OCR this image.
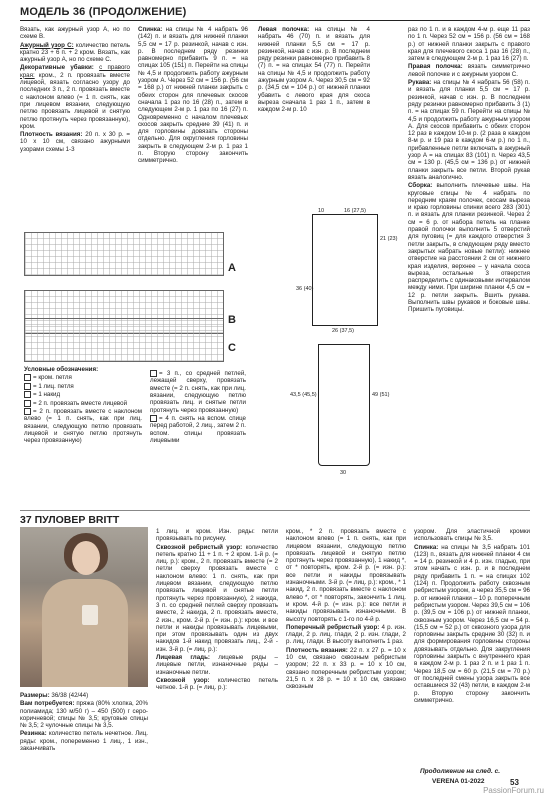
МОДЕЛЬ 36 (ПРОДОЛЖЕНИЕ)

Вязать, как ажурный узор А, но по схеме В.

Ажурный узор С: количество петель кратно 23 + 6 п. + 2 кром. Вязать, как ажурный узор А, но по схеме С.

Декоративные убавки: с правого края: кром., 2 п. провязать вместе лицевой, вязать согласно узору до последних 3 п., 2 п. провязать вместе с наклоном влево (= 1 п. снять, как при лицевом вязании, следующую петлю провязать лицевой и снятую петлю протянуть через провязанную), кром.

Плотность вязания: 20 п. х 30 р. = 10 х 10 см, связано ажурными узорами схемы 1-3

Спинка: на спицы № 4 набрать 96 (142) п. и вязать для нижней планки 5,5 см = 17 р. резинкой, начав с изн. р. В последнем ряду резинки равномерно прибавить 9 п. = на спицах 105 (151) п. Перейти на спицы № 4,5 и продолжить работу ажурным узором А. Через 52 см = 156 р. (56 см = 168 р.) от нижней планки закрыть с обеих сторон для плечевых скосов сначала 1 раз по 16 (28) п., затем в следующем 2-м р. 1 раз по 16 (27) п. Одновременно с началом плечевых скосов закрыть средние 39 (41) п. и для горловины довязать стороны отдельно. Для округления горловины закрыть в следующем 2-м р. 1 раз 1 п. Вторую сторону закончить симметрично.

Левая полочка: на спицы № 4 набрать 46 (70) п. и вязать для нижней планки 5,5 см = 17 р. резинкой, начав с изн. р. В последнем ряду резинки равномерно прибавить 8 (7) п. = на спицах 54 (77) п. Перейти на спицы № 4,5 и продолжить работу ажурным узором А. Через 30,5 см = 92 р. (34,5 см = 104 р.) от нижней планки убавить с левого края для скоса выреза сначала 1 раз 1 п., затем в каждом 2-м р. 10

раз по 1 п. и в каждом 4-м р. еще 11 раз по 1 п. Через 52 см = 156 р. (56 см = 168 р.) от нижней планки закрыть с правого края для плечевого скоса 1 раз 16 (28) п., затем в следующем 2-м р. 1 раз 16 (27) п.

Правая полочка: вязать симметрично левой полочке и с ажурным узором С.

Рукава: на спицы № 4 набрать 56 (58) п. и вязать для планки 5,5 см = 17 р. резинкой, начав с изн. р. В последнем ряду резинки равномерно прибавить 3 (1) п. = на спицах 59 п. Перейти на спицы № 4,5 и продолжить работу ажурным узором А. Для скосов прибавить с обеих сторон 12 раз в каждом 10-м р. (2 раза в каждом 8-м р. и 19 раз в каждом 6-м р.) по 1 п., прибавленные петли включать в ажурный узор А = на спицах 83 (101) п. Через 43,5 см = 130 р. (45,5 см = 136 р.) от нижней планки закрыть все петли. Второй рукав вязать аналогично.

Сборка: выполнить плечевые швы. На круговые спицы № 4 набрать по передним краям полочек, скосам выреза и краю горловины спинки всего 283 (301) п. и вязать для планки резинкой. Через 2 см = 6 р. от набора петель на планке правой полочки выполнить 5 отверстий для пуговиц (= для каждого отверстия 3 петли закрыть, в следующем ряду вместо закрытых набрать новые петли): нижнее отверстие на расстоянии 2 см от нижнего края изделия, верхнее – у начала скоса выреза, остальные 3 отверстия распределить с одинаковыми интервалом между ними. При ширине планки 4,5 см = 12 р. петли закрыть. Вшить рукава. Выполнить швы рукавов и боковые швы. Пришить пуговицы.

A
B
C

Условные обозначения:

= кром. петля

= 1 лиц. петля

= 1 накид

= 2 п. провязать вместе лицевой

= 2 п. провязать вместе с наклоном влево (= 1 п. снять, как при лиц. вязании, следующую петлю провязать лицевой и снятую петлю протянуть через провязанную)

= 3 п., со средней петлей, лежащей сверху, провязать вместе (= 2 п. снять, как при лиц. вязании, следующую петлю провязать лиц. и снятые петли протянуть через провязанную)

= 4 п. снять на вспом. спице перед работой, 2 лиц., затем 2 п. вспом. спицы провязать лицевыми

10	16 (27,5)
21 (23)
36 (40)
26 (37,5)
43,5 (45,5)	49 (51)
30
37 ПУЛОВЕР BRITT

Размеры: 36/38 (42/44)

Вам потребуется: пряжа (80% хлопка, 20% полиамида; 130 м/50 г) – 450 (500) г серо-коричневой; спицы № 3,5; круговые спицы № 3,5; 2 чулочные спицы № 3,5.

Резинка: количество петель нечетное. Лиц. ряды: кром., попеременно 1 лиц., 1 изн., заканчивать

1 лиц. и кром. Изн. ряды: петли провязывать по рисунку.

Сквозной ребристый узор: количество петель кратно 11 + 1 п. + 2 кром. 1-й р. (= лиц. р.): кром., 2 п. провязать вместе (= 2 петли сверху провязать вместе с наклоном влево: 1 п. снять, как при лицевом вязании, следующую петлю провязать лицевой и снятые петли протянуть через провязанную), 2 накида, 3 п. со средней петлей сверху провязать вместе, 2 накида, 2 п. провязать вместе, 2 изн., кром. 2-й р. (= изн. р.): кром. и все петли и накиды провязывать лицевыми, при этом провязывать один из двух накидов 1-й накид провязать лиц., 2-й - изн. 3-й р. (= лиц. р.):

Лицевая гладь: лицевые ряды – лицевые петли, изнаночные ряды – изнаночные петли.

Сквозной узор: количество петель четное. 1-й р. (= лиц. р.):

кром., * 2 п. провязать вместе с наклоном влево (= 1 п. снять, как при лицевом вязании, следующую петлю провязать лицевой и снятую петлю протянуть через провязанную), 1 накид *, от * повторять, кром. 2-й р. (= изн. р.): все петли и накиды провязывать изнаночными. 3-й р. (= лиц. р.): кром., * 1 накид, 2 п. провязать вместе с наклоном влево *, от * повторять, закончить 1 лиц. и кром. 4-й р. (= изн. р.): все петли и накиды провязывать изнаночными. В высоту повторять с 1-го по 4-й р.

Поперечный ребристый узор: 4 р. изн. глади, 2 р. лиц. глади, 2 р. изн. глади, 2 р. лиц. глади. В высоту выполнить 1 раз.

Плотность вязания: 22 п. х 27 р. = 10 х 10 см, связано сквозным ребристым узором; 22 п. х 33 р. = 10 х 10 см, связано поперечным ребристым узором; 21,5 п. х 28 р. = 10 х 10 см, связано сквозным

узором. Для эластичной кромки использовать спицы № 3,5.

Спинка: на спицы № 3,5 набрать 101 (123) п., вязать для нижней планки 4 см = 14 р. резинкой и 4 р. изн. гладью, при этом начать с изн. р. и в последнем ряду прибавить 1 п. = на спицах 102 (124) п. Продолжить работу сквозным ребристым узором, а через 35,5 см = 96 р. от нижней планки – 10 р. поперечным ребристым узором. Через 39,5 см = 106 р. (39,5 см = 106 р.) от нижней планки, сквозным узором. Через 16,5 см = 54 р. (15,5 см = 52 р.) от сквозного узора для горловины закрыть средние 30 (32) п. и для формирования горловины стороны довязывать отдельно. Для закругления горловины закрыть с внутреннего края в каждом 2-м р. 1 раз 2 п. и 1 раз 1 п. Через 18,5 см = 60 р. (21,5 см = 70 р.) от последней смены узора закрыть все оставшиеся 32 (43) петли, в каждом 2-м р. Вторую сторону закончить симметрично.

Продолжение на след. с.
VERENA 01-2022	53
PassionForum.ru
